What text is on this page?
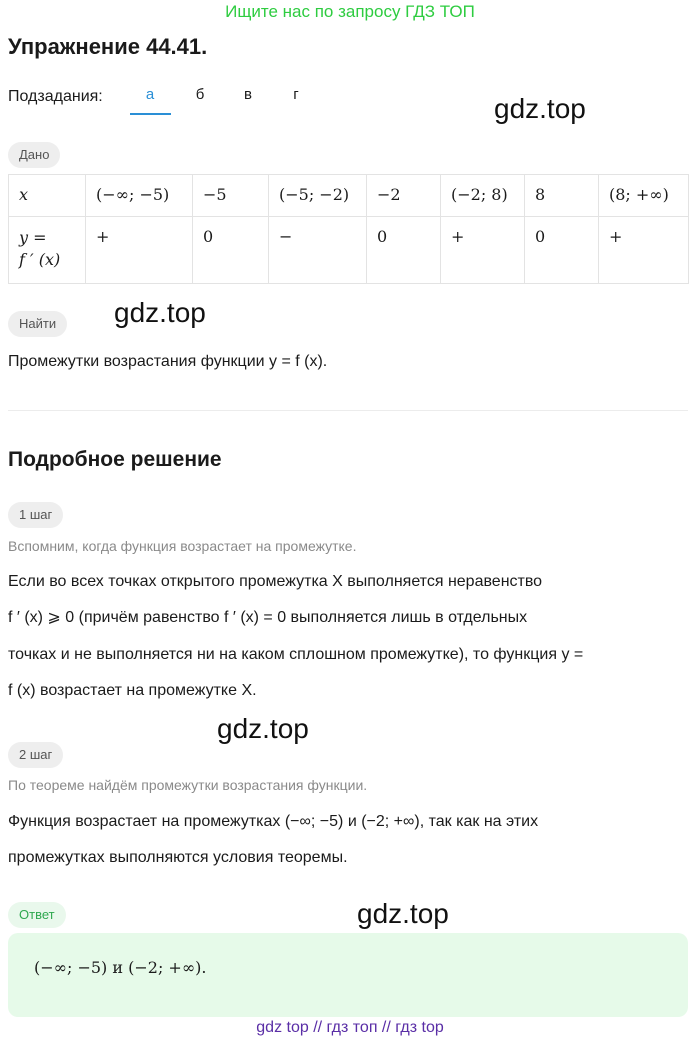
Ищите нас по запросу ГДЗ ТОП
Упражнение 44.41.
Подзадания:	а	б	в	г	gdz.top
Дано
x	(−∞; −5)	−5	(−5; −2)	−2	(−2; 8)	8	(8; +∞)

y =
f ′ (x)	+	0	−	0	+	0	+
Найти	gdz.top
Промежутки возрастания функции y = f (x).
Подробное решение
1 шаг
Вспомним, когда функция возрастает на промежутке.
Если во всех точках открытого промежутка X выполняется неравенство
f ′ (x) ⩾ 0 (причём равенство f ′ (x) = 0 выполняется лишь в отдельных
точках и не выполняется ни на каком сплошном промежутке), то функция y =
f (x) возрастает на промежутке X.
gdz.top
2 шаг
По теореме найдём промежутки возрастания функции.
Функция возрастает на промежутках (−∞; −5) и (−2; +∞), так как на этих
промежутках выполняются условия теоремы.
Ответ	gdz.top
(−∞; −5) и (−2; +∞).
gdz top // гдз топ // гдз top
